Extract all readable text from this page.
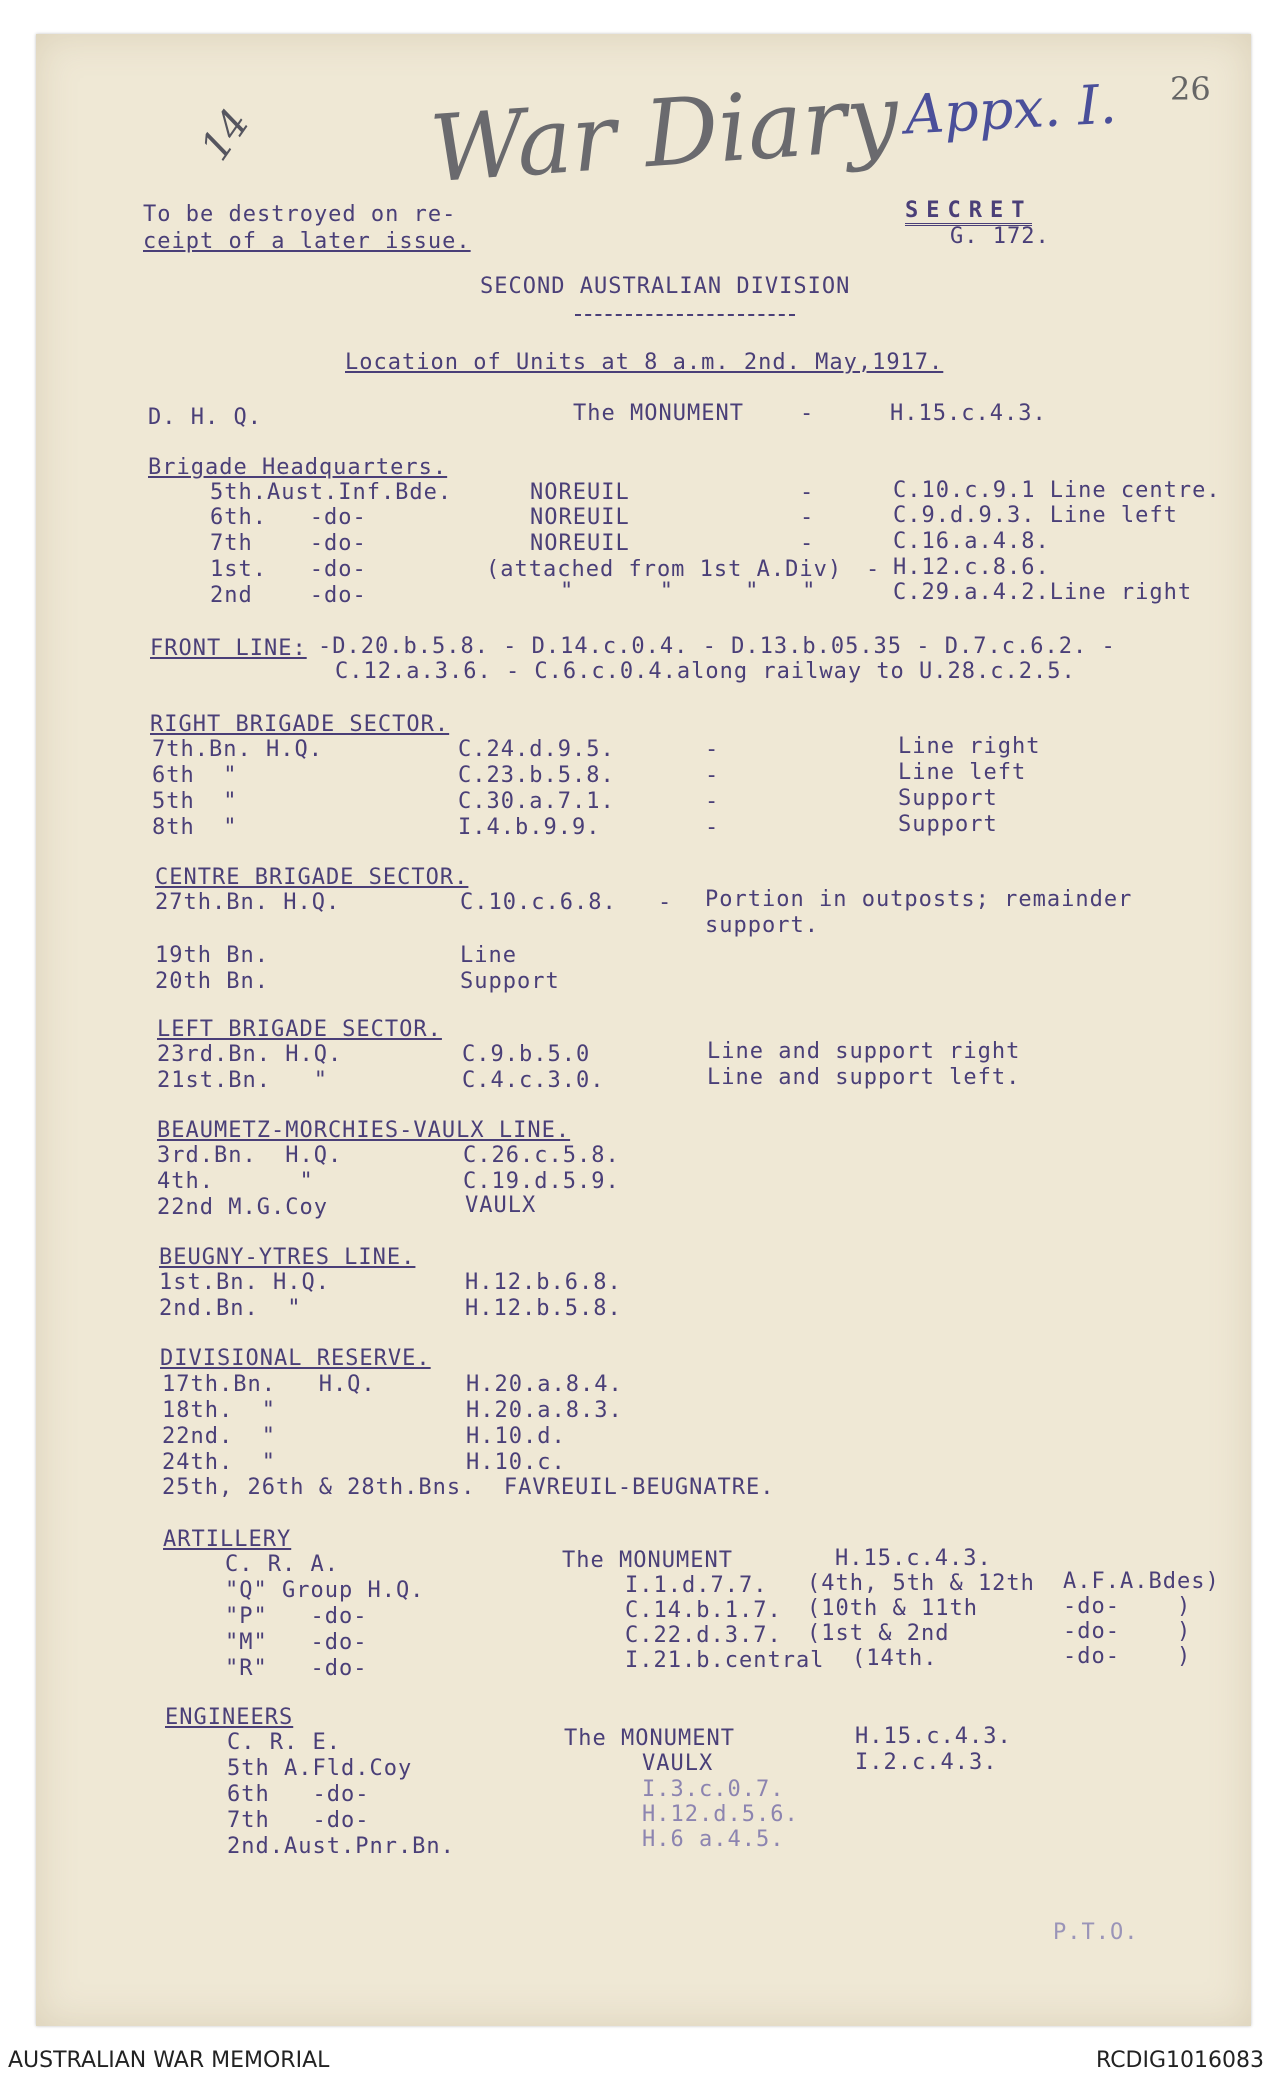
14 War Diary Appx. I. 26
To be destroyed on re-
ceipt of a later issue.
SECRET
G. 172.
SECOND AUSTRALIAN DIVISION
Location of Units at 8 a.m. 2nd. May,1917.
D. H. Q.	The MONUMENT	-	H.15.c.4.3.
Brigade Headquarters.
5th.Aust.Inf.Bde.	NOREUIL	-	C.10.c.9.1 Line centre.
6th.   -do-	NOREUIL	-	C.9.d.9.3. Line left
7th    -do-	NOREUIL	-	C.16.a.4.8.
1st.   -do-	(attached from 1st A.Div) - H.12.c.8.6.
2nd    -do-	"      "     "   "	C.29.a.4.2.Line right
FRONT LINE: -D.20.b.5.8. - D.14.c.0.4. - D.13.b.05.35 - D.7.c.6.2. -
C.12.a.3.6. - C.6.c.0.4.along railway to U.28.c.2.5.
RIGHT BRIGADE SECTOR.
7th.Bn. H.Q.	C.24.d.9.5.	-	Line right
6th  "	C.23.b.5.8.	-	Line left
5th  "	C.30.a.7.1.	-	Support
8th  "	I.4.b.9.9.	-	Support
CENTRE BRIGADE SECTOR.
27th.Bn. H.Q.	C.10.c.6.8. - Portion in outposts; remainder
support.
19th Bn.	Line
20th Bn.	Support
LEFT BRIGADE SECTOR.
23rd.Bn. H.Q.	C.9.b.5.0	Line and support right
21st.Bn.   "	C.4.c.3.0.	Line and support left.
BEAUMETZ-MORCHIES-VAULX LINE.
3rd.Bn.  H.Q.	C.26.c.5.8.
4th.      "	C.19.d.5.9.
22nd M.G.Coy	VAULX
BEUGNY-YTRES LINE.
1st.Bn. H.Q.	H.12.b.6.8.
2nd.Bn.  "	H.12.b.5.8.
DIVISIONAL RESERVE.
17th.Bn.   H.Q.	H.20.a.8.4.
18th.  "	H.20.a.8.3.
22nd.  "	H.10.d.
24th.  "	H.10.c.
25th, 26th & 28th.Bns.  FAVREUIL-BEUGNATRE.
ARTILLERY
C. R. A.	The MONUMENT	H.15.c.4.3.
"Q" Group H.Q.	I.1.d.7.7. (4th, 5th & 12th A.F.A.Bdes)
"P"   -do-	C.14.b.1.7. (10th & 11th	-do-    )
"M"   -do-	C.22.d.3.7. (1st & 2nd	-do-    )
"R"   -do-	I.21.b.central (14th.	-do-    )
ENGINEERS
C. R. E.	The MONUMENT	H.15.c.4.3.
5th A.Fld.Coy	VAULX	I.2.c.4.3.
6th   -do-	I.3.c.0.7.
7th   -do-	H.12.d.5.6.
2nd.Aust.Pnr.Bn.	H.6 a.4.5.
P.T.O.
AUSTRALIAN WAR MEMORIAL	RCDIG1016083
